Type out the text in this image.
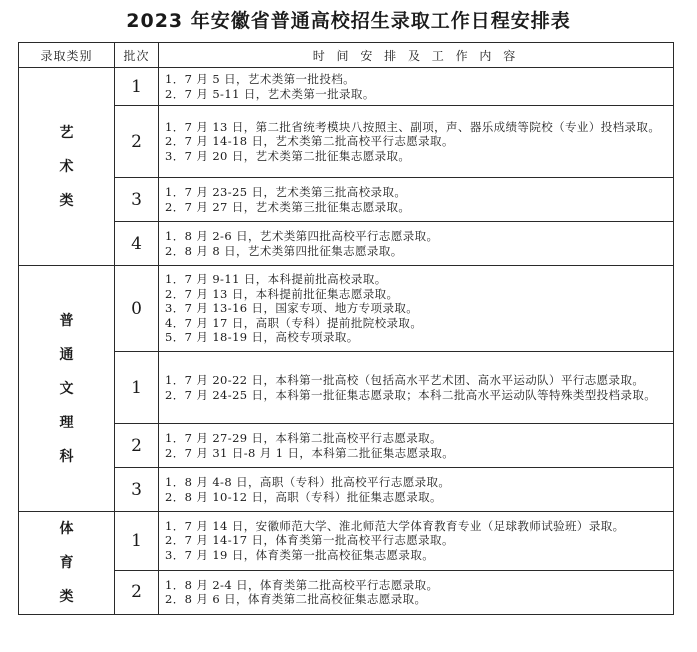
2023 年安徽省普通高校招生录取工作日程安排表
录取类别	批次	时 间 安 排 及 工 作 内 容
艺术类	1	1．7 月 5 日，艺术类第一批投档。
2．7 月 5-11 日，艺术类第一批录取。

	2	1．7 月 13 日，第二批省统考模块八按照主、副项，声、器乐成绩等院校（专业）投档录取。
2．7 月 14-18 日，艺术类第二批高校平行志愿录取。
3．7 月 20 日，艺术类第二批征集志愿录取。

	3	1．7 月 23-25 日，艺术类第三批高校录取。
2．7 月 27 日，艺术类第三批征集志愿录取。

	4	1．8 月 2-6 日，艺术类第四批高校平行志愿录取。
2．8 月 8 日，艺术类第四批征集志愿录取。

普通文理科	0	1．7 月 9-11 日，本科提前批高校录取。
2．7 月 13 日，本科提前批征集志愿录取。
3．7 月 13-16 日，国家专项、地方专项录取。
4．7 月 17 日，高职（专科）提前批院校录取。
5．7 月 18-19 日，高校专项录取。

	1	1．7 月 20-22 日，本科第一批高校（包括高水平艺术团、高水平运动队）平行志愿录取。
2．7 月 24-25 日，本科第一批征集志愿录取；本科二批高水平运动队等特殊类型投档录取。

	2	1．7 月 27-29 日，本科第二批高校平行志愿录取。
2．7 月 31 日-8 月 1 日，本科第二批征集志愿录取。

	3	1．8 月 4-8 日，高职（专科）批高校平行志愿录取。
2．8 月 10-12 日，高职（专科）批征集志愿录取。

体育类	1	1．7 月 14 日，安徽师范大学、淮北师范大学体育教育专业（足球教师试验班）录取。
2．7 月 14-17 日，体育类第一批高校平行志愿录取。
3．7 月 19 日，体育类第一批高校征集志愿录取。

	2	1．8 月 2-4 日，体育类第二批高校平行志愿录取。
2．8 月 6 日，体育类第二批高校征集志愿录取。
